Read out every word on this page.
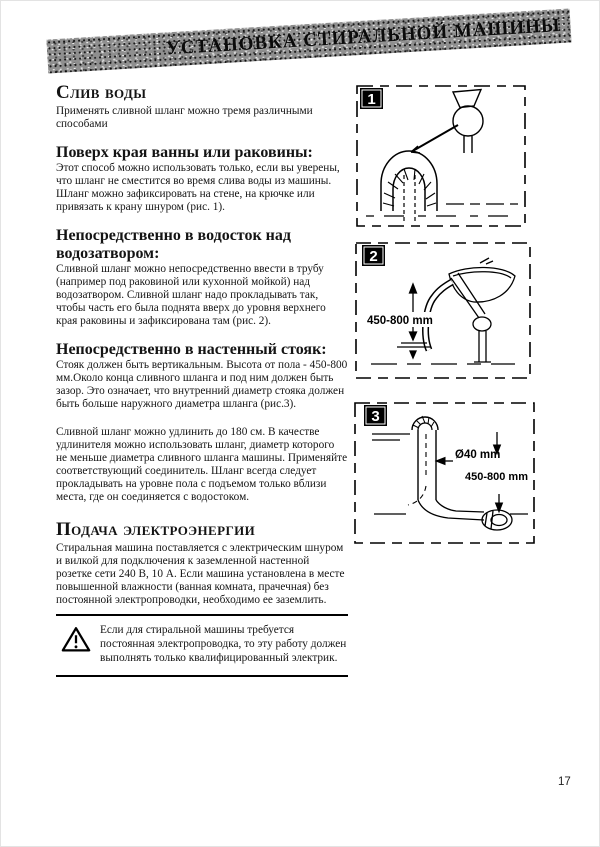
УСТАНОВКА СТИРАЛЬНОЙ МАШИНЫ
Слив воды

Применять сливной шланг можно тремя различными способами

Поверх края ванны или раковины:

Этот способ можно использовать только, если вы уверены, что шланг не сместится во время слива воды из машины. Шланг можно зафиксировать на стене, на крючке или привязать к крану шнуром (рис. 1).

Непосредственно в водосток над водозатвором:

Сливной шланг можно непосредственно ввести в трубу (например под раковиной или кухонной мойкой) над водозатвором. Сливной шланг надо прокладывать так, чтобы часть его была поднята вверх до уровня верхнего края раковины и зафиксирована там (рис. 2).

Непосредственно в настенный стояк:

Стояк должен быть вертикальным. Высота от пола - 450-800 мм.Около конца сливного шланга и под ним должен быть зазор. Это означает, что внутренний диаметр стояка должен быть больше наружного диаметра шланга (рис.3).

Сливной шланг можно удлинить до 180 см. В качестве удлинителя можно использовать шланг, диаметр которого не меньше диаметра сливного шланга машины. Применяйте соответствующий соединитель. Шланг всегда следует прокладывать на уровне пола с подъемом только вблизи места, где он соединяется с водостоком.

Подача электроэнергии

Стиральная машина поставляется с электрическим шнуром и вилкой для подключения к заземленной настенной розетке сети 240 В, 10 А. Если машина установлена в месте повышенной влажности (ванная комната, прачечная) без постоянной электропроводки, необходимо ее заземлить.

Если для стиральной машины требуется постоянная электропроводка, то эту работу должен выполнять только квалифицированный электрик.
1
2
450-800 mm
3
Ø40 mm
450-800 mm
17
